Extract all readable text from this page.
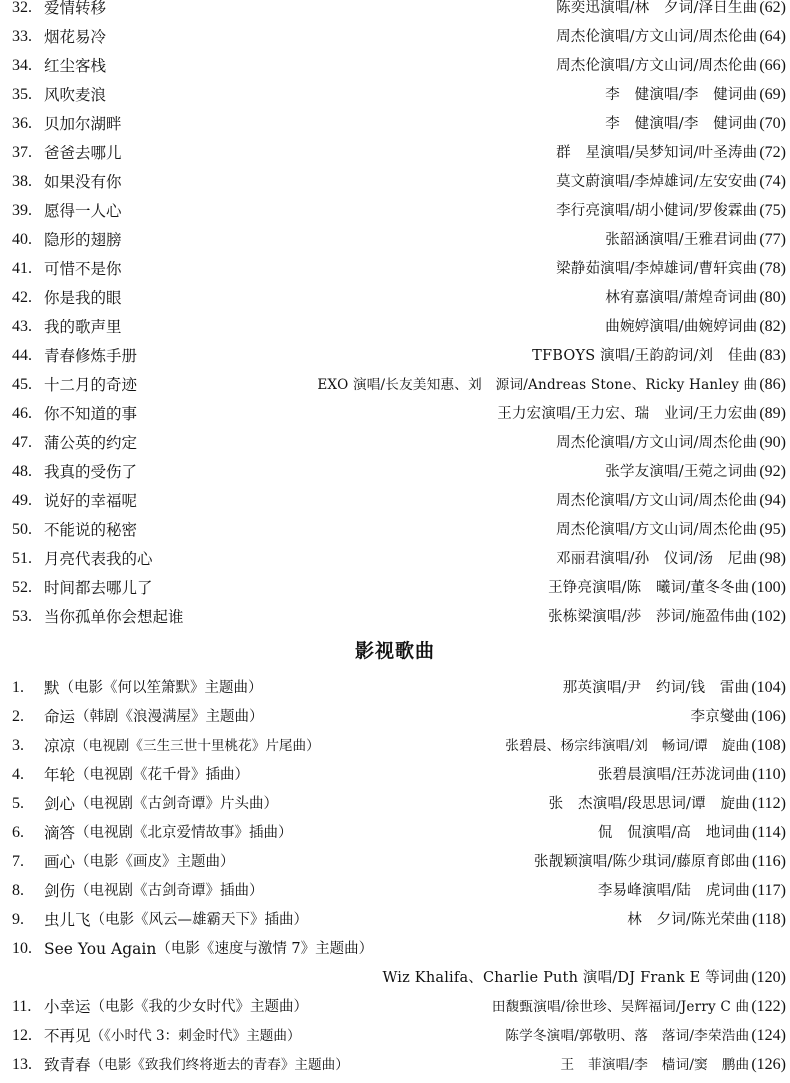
32. 爱情转移	陈奕迅演唱/林　夕词/泽日生曲 (62)
33. 烟花易冷	周杰伦演唱/方文山词/周杰伦曲 (64)
34. 红尘客栈	周杰伦演唱/方文山词/周杰伦曲 (66)
35. 风吹麦浪	李　健演唱/李　健词曲 (69)
36. 贝加尔湖畔	李　健演唱/李　健词曲 (70)
37. 爸爸去哪儿	群　星演唱/吴梦知词/叶圣涛曲 (72)
38. 如果没有你	莫文蔚演唱/李焯雄词/左安安曲 (74)
39. 愿得一人心	李行亮演唱/胡小健词/罗俊霖曲 (75)
40. 隐形的翅膀	张韶涵演唱/王雅君词曲 (77)
41. 可惜不是你	梁静茹演唱/李焯雄词/曹轩宾曲 (78)
42. 你是我的眼	林宥嘉演唱/萧煌奇词曲 (80)
43. 我的歌声里	曲婉婷演唱/曲婉婷词曲 (82)
44. 青春修炼手册	TFBOYS 演唱/王韵韵词/刘　佳曲 (83)
45. 十二月的奇迹	EXO 演唱/长友美知惠、刘　源词/Andreas Stone、Ricky Hanley 曲 (86)
46. 你不知道的事	王力宏演唱/王力宏、瑞　业词/王力宏曲 (89)
47. 蒲公英的约定	周杰伦演唱/方文山词/周杰伦曲 (90)
48. 我真的受伤了	张学友演唱/王菀之词曲 (92)
49. 说好的幸福呢	周杰伦演唱/方文山词/周杰伦曲 (94)
50. 不能说的秘密	周杰伦演唱/方文山词/周杰伦曲 (95)
51. 月亮代表我的心	邓丽君演唱/孙　仪词/汤　尼曲 (98)
52. 时间都去哪儿了	王铮亮演唱/陈　曦词/董冬冬曲 (100)
53. 当你孤单你会想起谁	张栋梁演唱/莎　莎词/施盈伟曲 (102)
影视歌曲
1.	默 （电影《何以笙箫默》主题曲）	那英演唱/尹　约词/钱　雷曲 (104)
2.	命运 （韩剧《浪漫满屋》主题曲）	李京燮曲 (106)
3.	凉凉 （电视剧《三生三世十里桃花》片尾曲）	张碧晨、杨宗纬演唱/刘　畅词/谭　旋曲 (108)
4.	年轮 （电视剧《花千骨》插曲）	张碧晨演唱/汪苏泷词曲 (110)
5.	剑心 （电视剧《古剑奇谭》片头曲）	张　杰演唱/段思思词/谭　旋曲 (112)
6.	滴答 （电视剧《北京爱情故事》插曲）	侃　侃演唱/高　地词曲 (114)
7.	画心 （电影《画皮》主题曲）	张靓颖演唱/陈少琪词/藤原育郎曲 (116)
8.	剑伤 （电视剧《古剑奇谭》插曲）	李易峰演唱/陆　虎词曲 (117)
9.	虫儿飞 （电影《风云—雄霸天下》插曲）	林　夕词/陈光荣曲 (118)
10. See You Again （电影《速度与激情 7》主题曲）
Wiz Khalifa、Charlie Puth 演唱/DJ Frank E 等词曲 (120)
11. 小幸运 （电影《我的少女时代》主题曲）	田馥甄演唱/徐世珍、吴辉福词/Jerry C 曲 (122)
12. 不再见 （《小时代 3：刺金时代》主题曲）	陈学冬演唱/郭敬明、落　落词/李荣浩曲 (124)
13. 致青春 （电影《致我们终将逝去的青春》主题曲）	王　菲演唱/李　樯词/窦　鹏曲 (126)
